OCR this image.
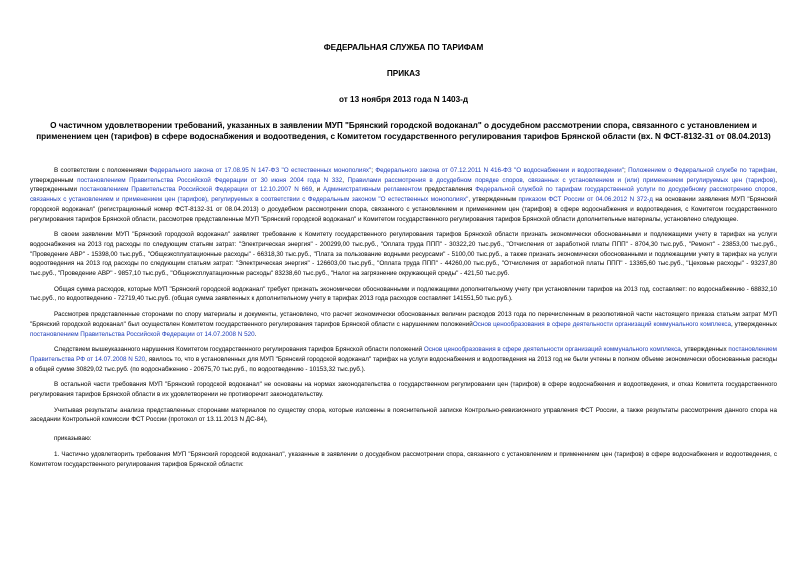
ФЕДЕРАЛЬНАЯ СЛУЖБА ПО ТАРИФАМ
ПРИКАЗ
от 13 ноября 2013 года N 1403-д
О частичном удовлетворении требований, указанных в заявлении МУП "Брянский городской водоканал" о досудебном рассмотрении спора, связанного с установлением и применением цен (тарифов) в сфере водоснабжения и водоотведения, с Комитетом государственного регулирования тарифов Брянской области (вх. N ФСТ-8132-31 от 08.04.2013)

В соответствии с положениями Федерального закона от 17.08.95 N 147-ФЗ "О естественных монополиях"; Федерального закона от 07.12.2011 N 416-ФЗ "О водоснабжении и водоотведении"; Положением о Федеральной службе по тарифам, утвержденным постановлением Правительства Российской Федерации от 30 июня 2004 года N 332, Правилами рассмотрения в досудебном порядке споров, связанных с установлением и (или) применением регулируемых цен (тарифов), утвержденными постановлением Правительства Российской Федерации от 12.10.2007 N 669, и Административным регламентом предоставления Федеральной службой по тарифам государственной услуги по досудебному рассмотрению споров, связанных с установлением и применением цен (тарифов), регулируемых в соответствии с Федеральным законом "О естественных монополиях", утвержденным приказом ФСТ России от 04.06.2012 N 372-д на основании заявления МУП "Брянский городской водоканал" (регистрационный номер ФСТ-8132-31 от 08.04.2013) о досудебном рассмотрении спора, связанного с установлением и применением цен (тарифов) в сфере водоснабжения и водоотведения, с Комитетом государственного регулирования тарифов Брянской области, рассмотрев представленные МУП "Брянский городской водоканал" и Комитетом государственного регулирования тарифов Брянской области дополнительные материалы, установлено следующее.

В своем заявлении МУП "Брянский городской водоканал" заявляет требование к Комитету государственного регулирования тарифов Брянской области признать экономически обоснованными и подлежащими учету в тарифах на услуги водоснабжения на 2013 год расходы по следующим статьям затрат: "Электрическая энергия" - 200299,00 тыс.руб., "Оплата труда ППП" - 30322,20 тыс.руб., "Отчисления от заработной платы ППП" - 8704,30 тыс.руб., "Ремонт" - 23853,00 тыс.руб., "Проведение АВР" - 15398,00 тыс.руб., "Общеэксплуатационные расходы" - 66318,30 тыс.руб., "Плата за пользование водными ресурсами" - 5100,00 тыс.руб., а также признать экономически обоснованными и подлежащими учету в тарифах на услуги водоотведения на 2013 год расходы по следующим статьям затрат: "Электрическая энергия" - 126603,00 тыс.руб., "Оплата труда ППП" - 44260,00 тыс.руб., "Отчисления от заработной платы ППП" - 13365,60 тыс.руб., "Цеховые расходы" - 93237,80 тыс.руб., "Проведение АВР" - 9857,10 тыс.руб., "Общеэксплуатационные расходы" 83238,60 тыс.руб., "Налог на загрязнение окружающей среды" - 421,50 тыс.руб.

Общая сумма расходов, которые МУП "Брянский городской водоканал" требует признать экономически обоснованными и подлежащими дополнительному учету при установлении тарифов на 2013 год, составляет: по водоснабжению - 68832,10 тыс.руб., по водоотведению - 72719,40 тыс.руб. (общая сумма заявленных к дополнительному учету в тарифах 2013 года расходов составляет 141551,50 тыс.руб.).

Рассмотрев представленные сторонами по спору материалы и документы, установлено, что расчет экономически обоснованных величин расходов 2013 года по перечисленным в резолютивной части настоящего приказа статьям затрат МУП "Брянский городской водоканал" был осуществлен Комитетом государственного регулирования тарифов Брянской области с нарушением положенийОснов ценообразования в сфере деятельности организаций коммунального комплекса, утвержденных постановлением Правительства Российской Федерации от 14.07.2008 N 520.

Следствием вышеуказанного нарушения Комитетом государственного регулирования тарифов Брянской области положений Основ ценообразования в сфере деятельности организаций коммунального комплекса, утвержденных постановлением Правительства РФ от 14.07.2008 N 520, явилось то, что в установленных для МУП "Брянский городской водоканал" тарифах на услуги водоснабжения и водоотведения на 2013 год не были учтены в полном объеме экономически обоснованные расходы в общей сумме 30829,02 тыс.руб. (по водоснабжению - 20675,70 тыс.руб., по водоотведению - 10153,32 тыс.руб.).

В остальной части требования МУП "Брянский городской водоканал" не основаны на нормах законодательства о государственном регулировании цен (тарифов) в сфере водоснабжения и водоотведения, и отказ Комитета государственного регулирования тарифов Брянской области в их удовлетворении не противоречит законодательству.

Учитывая результаты анализа представленных сторонами материалов по существу спора, которые изложены в пояснительной записке Контрольно-ревизионного управления ФСТ России, а также результаты рассмотрения данного спора на заседании Контрольной комиссии ФСТ России (протокол от 13.11.2013 N ДС-84),

приказываю:

1. Частично удовлетворить требования МУП "Брянский городской водоканал", указанные в заявлении о досудебном рассмотрении спора, связанного с установлением и применением цен (тарифов) в сфере водоснабжения и водоотведения, с Комитетом государственного регулирования тарифов Брянской области:
